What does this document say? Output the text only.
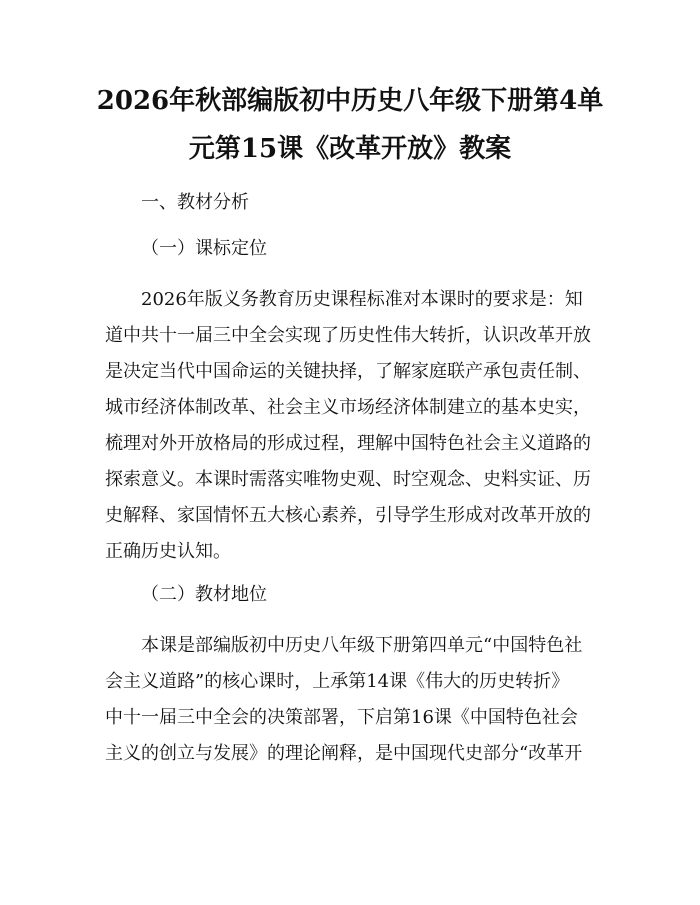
2026年秋部编版初中历史八年级下册第4单
元第15课《改革开放》教案
一、教材分析
（一）课标定位
2026年版义务教育历史课程标准对本课时的要求是：知
道中共十一届三中全会实现了历史性伟大转折，认识改革开放
是决定当代中国命运的关键抉择，了解家庭联产承包责任制、
城市经济体制改革、社会主义市场经济体制建立的基本史实，
梳理对外开放格局的形成过程，理解中国特色社会主义道路的
探索意义。本课时需落实唯物史观、时空观念、史料实证、历
史解释、家国情怀五大核心素养，引导学生形成对改革开放的
正确历史认知。
（二）教材地位
本课是部编版初中历史八年级下册第四单元“中国特色社
会主义道路”的核心课时，上承第14课《伟大的历史转折》
中十一届三中全会的决策部署，下启第16课《中国特色社会
主义的创立与发展》的理论阐释，是中国现代史部分“改革开
